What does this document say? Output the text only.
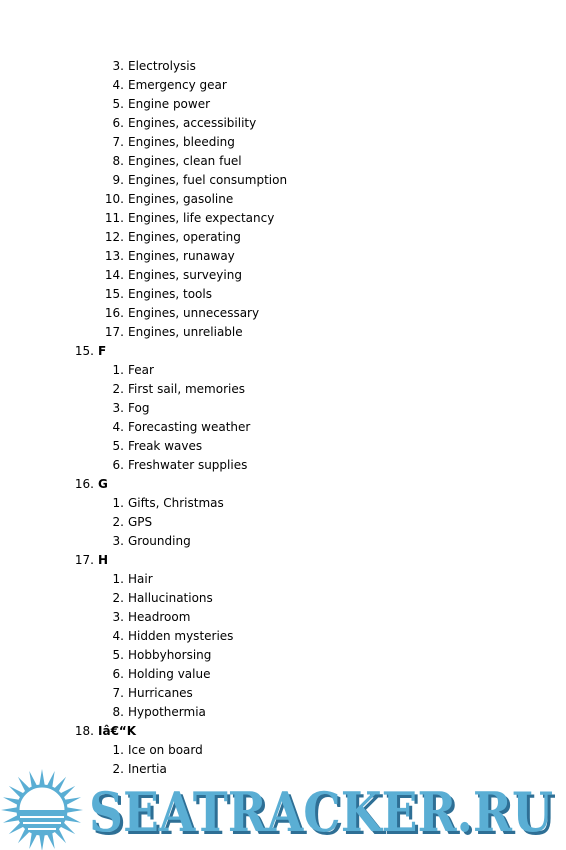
3. Electrolysis
4. Emergency gear
5. Engine power
6. Engines, accessibility
7. Engines, bleeding
8. Engines, clean fuel
9. Engines, fuel consumption
10. Engines, gasoline
11. Engines, life expectancy
12. Engines, operating
13. Engines, runaway
14. Engines, surveying
15. Engines, tools
16. Engines, unnecessary
17. Engines, unreliable
15. F
1. Fear
2. First sail, memories
3. Fog
4. Forecasting weather
5. Freak waves
6. Freshwater supplies
16. G
1. Gifts, Christmas
2. GPS
3. Grounding
17. H
1. Hair
2. Hallucinations
3. Headroom
4. Hidden mysteries
5. Hobbyhorsing
6. Holding value
7. Hurricanes
8. Hypothermia
18. Iâ€“K
1. Ice on board
2. Inertia
SEATRACKER.RU
SEATRACKER.RU
